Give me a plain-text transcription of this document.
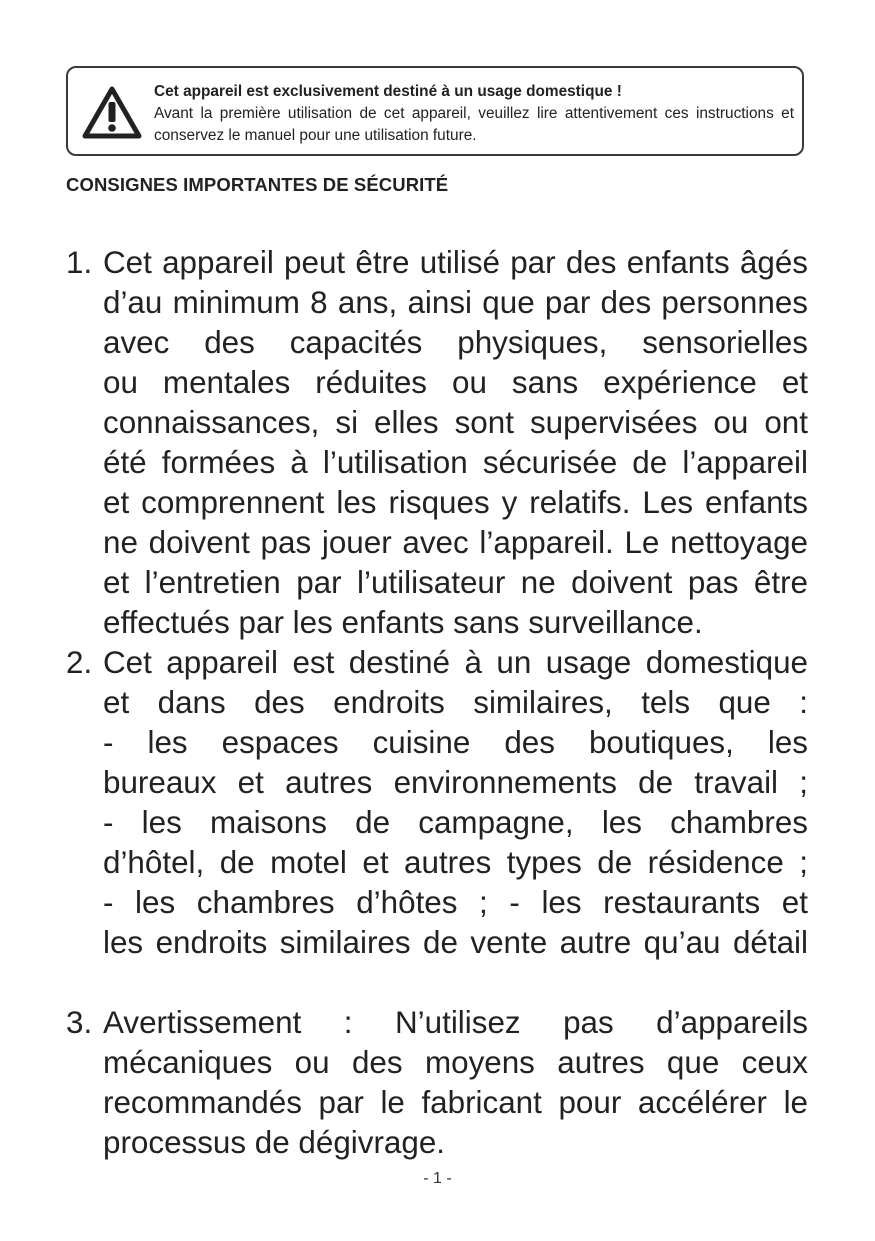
Cet appareil est exclusivement destiné à un usage domestique !
Avant la première utilisation de cet appareil, veuillez lire attentivement ces instructions et conservez le manuel pour une utilisation future.
CONSIGNES IMPORTANTES DE SÉCURITÉ
1. Cet appareil peut être utilisé par des enfants âgés
d’au minimum 8 ans, ainsi que par des personnes
avec des capacités physiques, sensorielles
ou mentales réduites ou sans expérience et
connaissances, si elles sont supervisées ou ont
été formées à l’utilisation sécurisée de l’appareil
et comprennent les risques y relatifs. Les enfants
ne doivent pas jouer avec l’appareil. Le nettoyage
et l’entretien par l’utilisateur ne doivent pas être
effectués par les enfants sans surveillance.
2. Cet appareil est destiné à un usage domestique
et dans des endroits similaires, tels que :
- les espaces cuisine des boutiques, les
bureaux et autres environnements de travail ;
- les maisons de campagne, les chambres
d’hôtel, de motel et autres types de résidence ;
- les chambres d’hôtes ; - les restaurants et
les endroits similaires de vente autre qu’au détail
3. Avertissement : N’utilisez pas d’appareils
mécaniques ou des moyens autres que ceux
recommandés par le fabricant pour accélérer le
processus de dégivrage.
- 1 -
